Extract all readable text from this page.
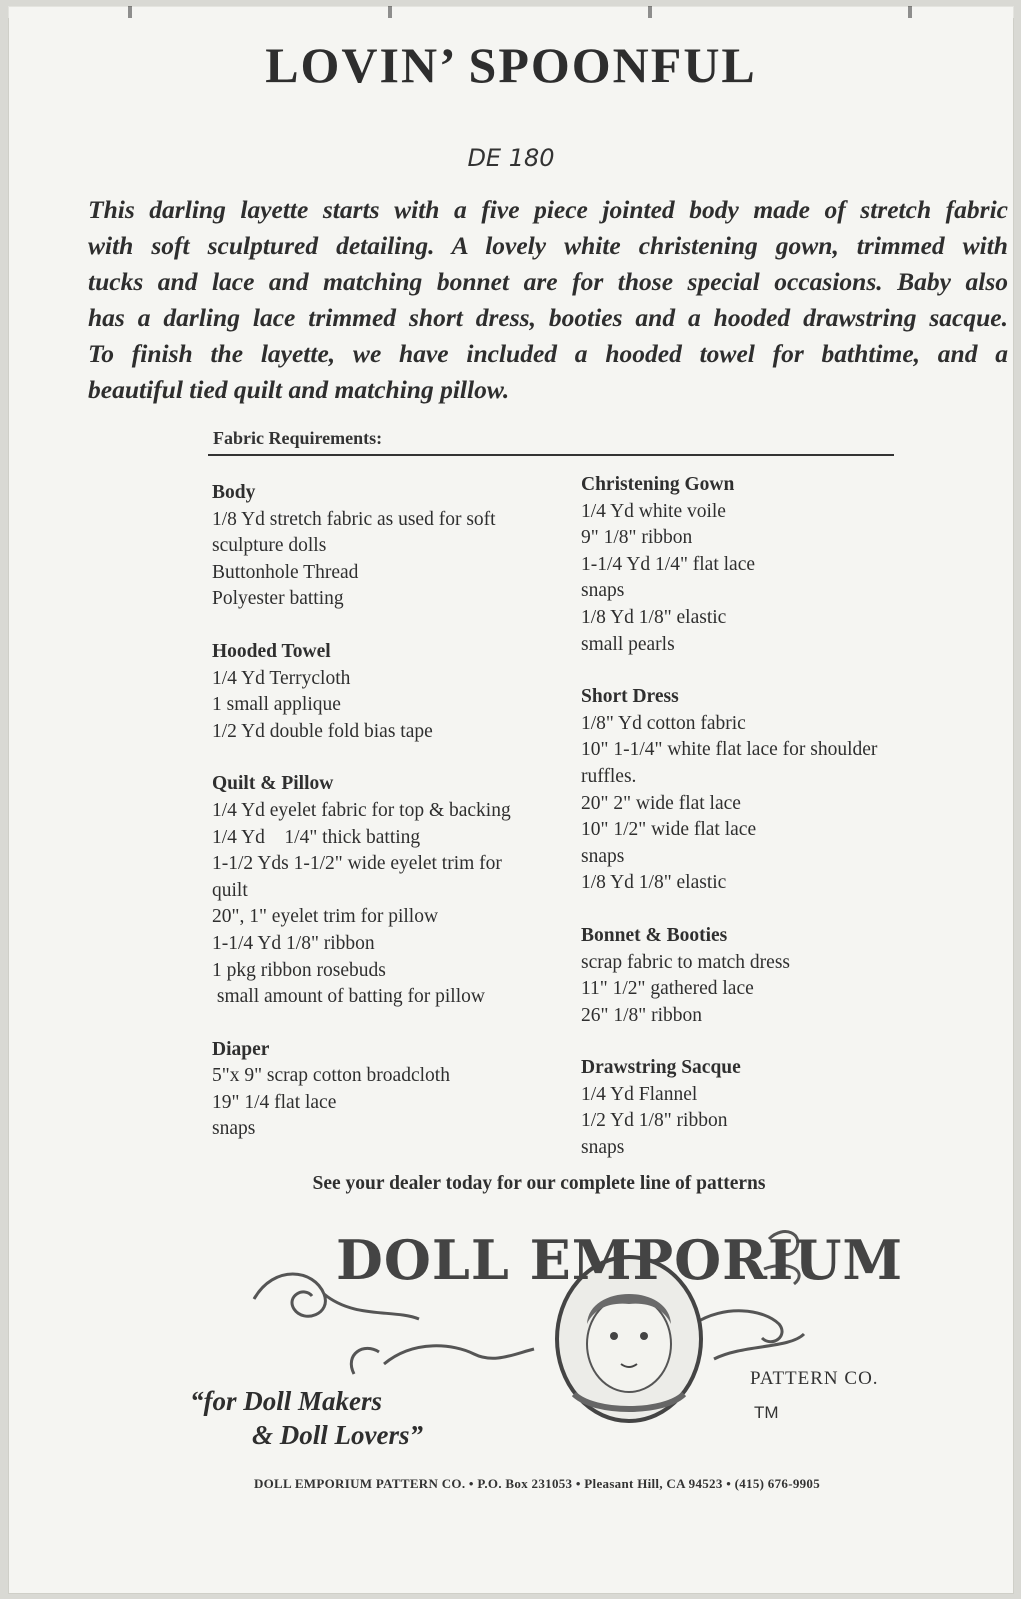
LOVIN’ SPOONFUL
DE 180
This darling layette starts with a five piece jointed body made of stretch fabric
with soft sculptured detailing. A lovely white christening gown, trimmed with
tucks and lace and matching bonnet are for those special occasions. Baby also
has a darling lace trimmed short dress, booties and a hooded drawstring sacque.
To finish the layette, we have included a hooded towel for bathtime, and a
beautiful tied quilt and matching pillow.
Fabric Requirements:
Body
1/8 Yd stretch fabric as used for soft
sculpture dolls
Buttonhole Thread
Polyester batting
Hooded Towel
1/4 Yd Terrycloth
1 small applique
1/2 Yd double fold bias tape
Quilt & Pillow
1/4 Yd eyelet fabric for top & backing
1/4 Yd    1/4" thick batting
1-1/2 Yds 1-1/2" wide eyelet trim for
quilt
20", 1" eyelet trim for pillow
1-1/4 Yd 1/8" ribbon
1 pkg ribbon rosebuds
small amount of batting for pillow
Diaper
5"x 9" scrap cotton broadcloth
19" 1/4 flat lace
snaps
Christening Gown
1/4 Yd white voile
9" 1/8" ribbon
1-1/4 Yd 1/4" flat lace
snaps
1/8 Yd 1/8" elastic
small pearls
Short Dress
1/8" Yd cotton fabric
10" 1-1/4" white flat lace for shoulder
ruffles.
20" 2" wide flat lace
10" 1/2" wide flat lace
snaps
1/8 Yd 1/8" elastic
Bonnet & Booties
scrap fabric to match dress
11" 1/2" gathered lace
26" 1/8" ribbon
Drawstring Sacque
1/4 Yd Flannel
1/2 Yd 1/8" ribbon
snaps
See your dealer today for our complete line of patterns
DOLL EMPORIUM
“for Doll Makers
& Doll Lovers”
PATTERN CO.
TM
DOLL EMPORIUM PATTERN CO. • P.O. Box 231053 • Pleasant Hill, CA 94523 • (415) 676-9905
